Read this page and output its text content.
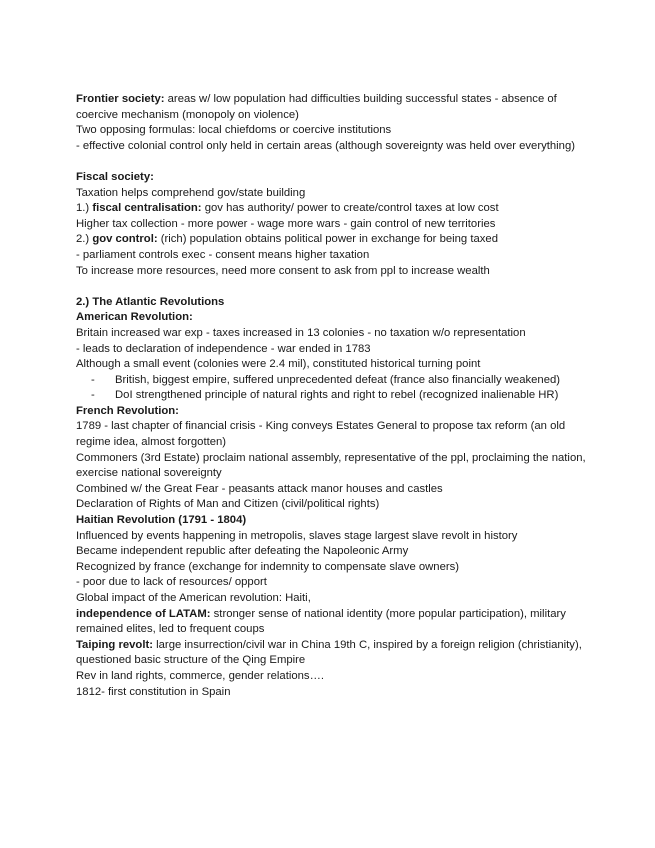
Frontier society: areas w/ low population had difficulties building successful states - absence of coercive mechanism (monopoly on violence)

Two opposing formulas: local chiefdoms or coercive institutions

- effective colonial control only held in certain areas (although sovereignty was held over everything)

Fiscal society:

Taxation helps comprehend gov/state building

1.) fiscal centralisation: gov has authority/ power to create/control taxes at low cost

Higher tax collection - more power - wage more wars - gain control of new territories

2.) gov control: (rich) population obtains political power in exchange for being taxed

- parliament controls exec - consent means higher taxation

To increase more resources, need more consent to ask from ppl to increase wealth

2.) The Atlantic Revolutions

American Revolution:

Britain increased war exp - taxes increased in 13 colonies - no taxation w/o representation

- leads to declaration of independence - war ended in 1783

Although a small event (colonies were 2.4 mil), constituted historical turning point

-	British, biggest empire, suffered unprecedented defeat (france also financially weakened)
-	DoI strengthened principle of natural rights and right to rebel (recognized inalienable HR)

French Revolution:

1789 - last chapter of financial crisis - King conveys Estates General to propose tax reform (an old regime idea, almost forgotten)

Commoners (3rd Estate) proclaim national assembly, representative of the ppl, proclaiming the nation, exercise national sovereignty

Combined w/ the Great Fear - peasants attack manor houses and castles

Declaration of Rights of Man and Citizen (civil/political rights)

Haitian Revolution (1791 - 1804)

Influenced by events happening in metropolis, slaves stage largest slave revolt in history

Became independent republic after defeating the Napoleonic Army

Recognized by france (exchange for indemnity to compensate slave owners)

- poor due to lack of resources/ opport

Global impact of the American revolution: Haiti,

independence of LATAM: stronger sense of national identity (more popular participation), military remained elites, led to frequent coups

Taiping revolt: large insurrection/civil war in China 19th C, inspired by a foreign religion (christianity), questioned basic structure of the Qing Empire

Rev in land rights, commerce, gender relations….

1812- first constitution in Spain
